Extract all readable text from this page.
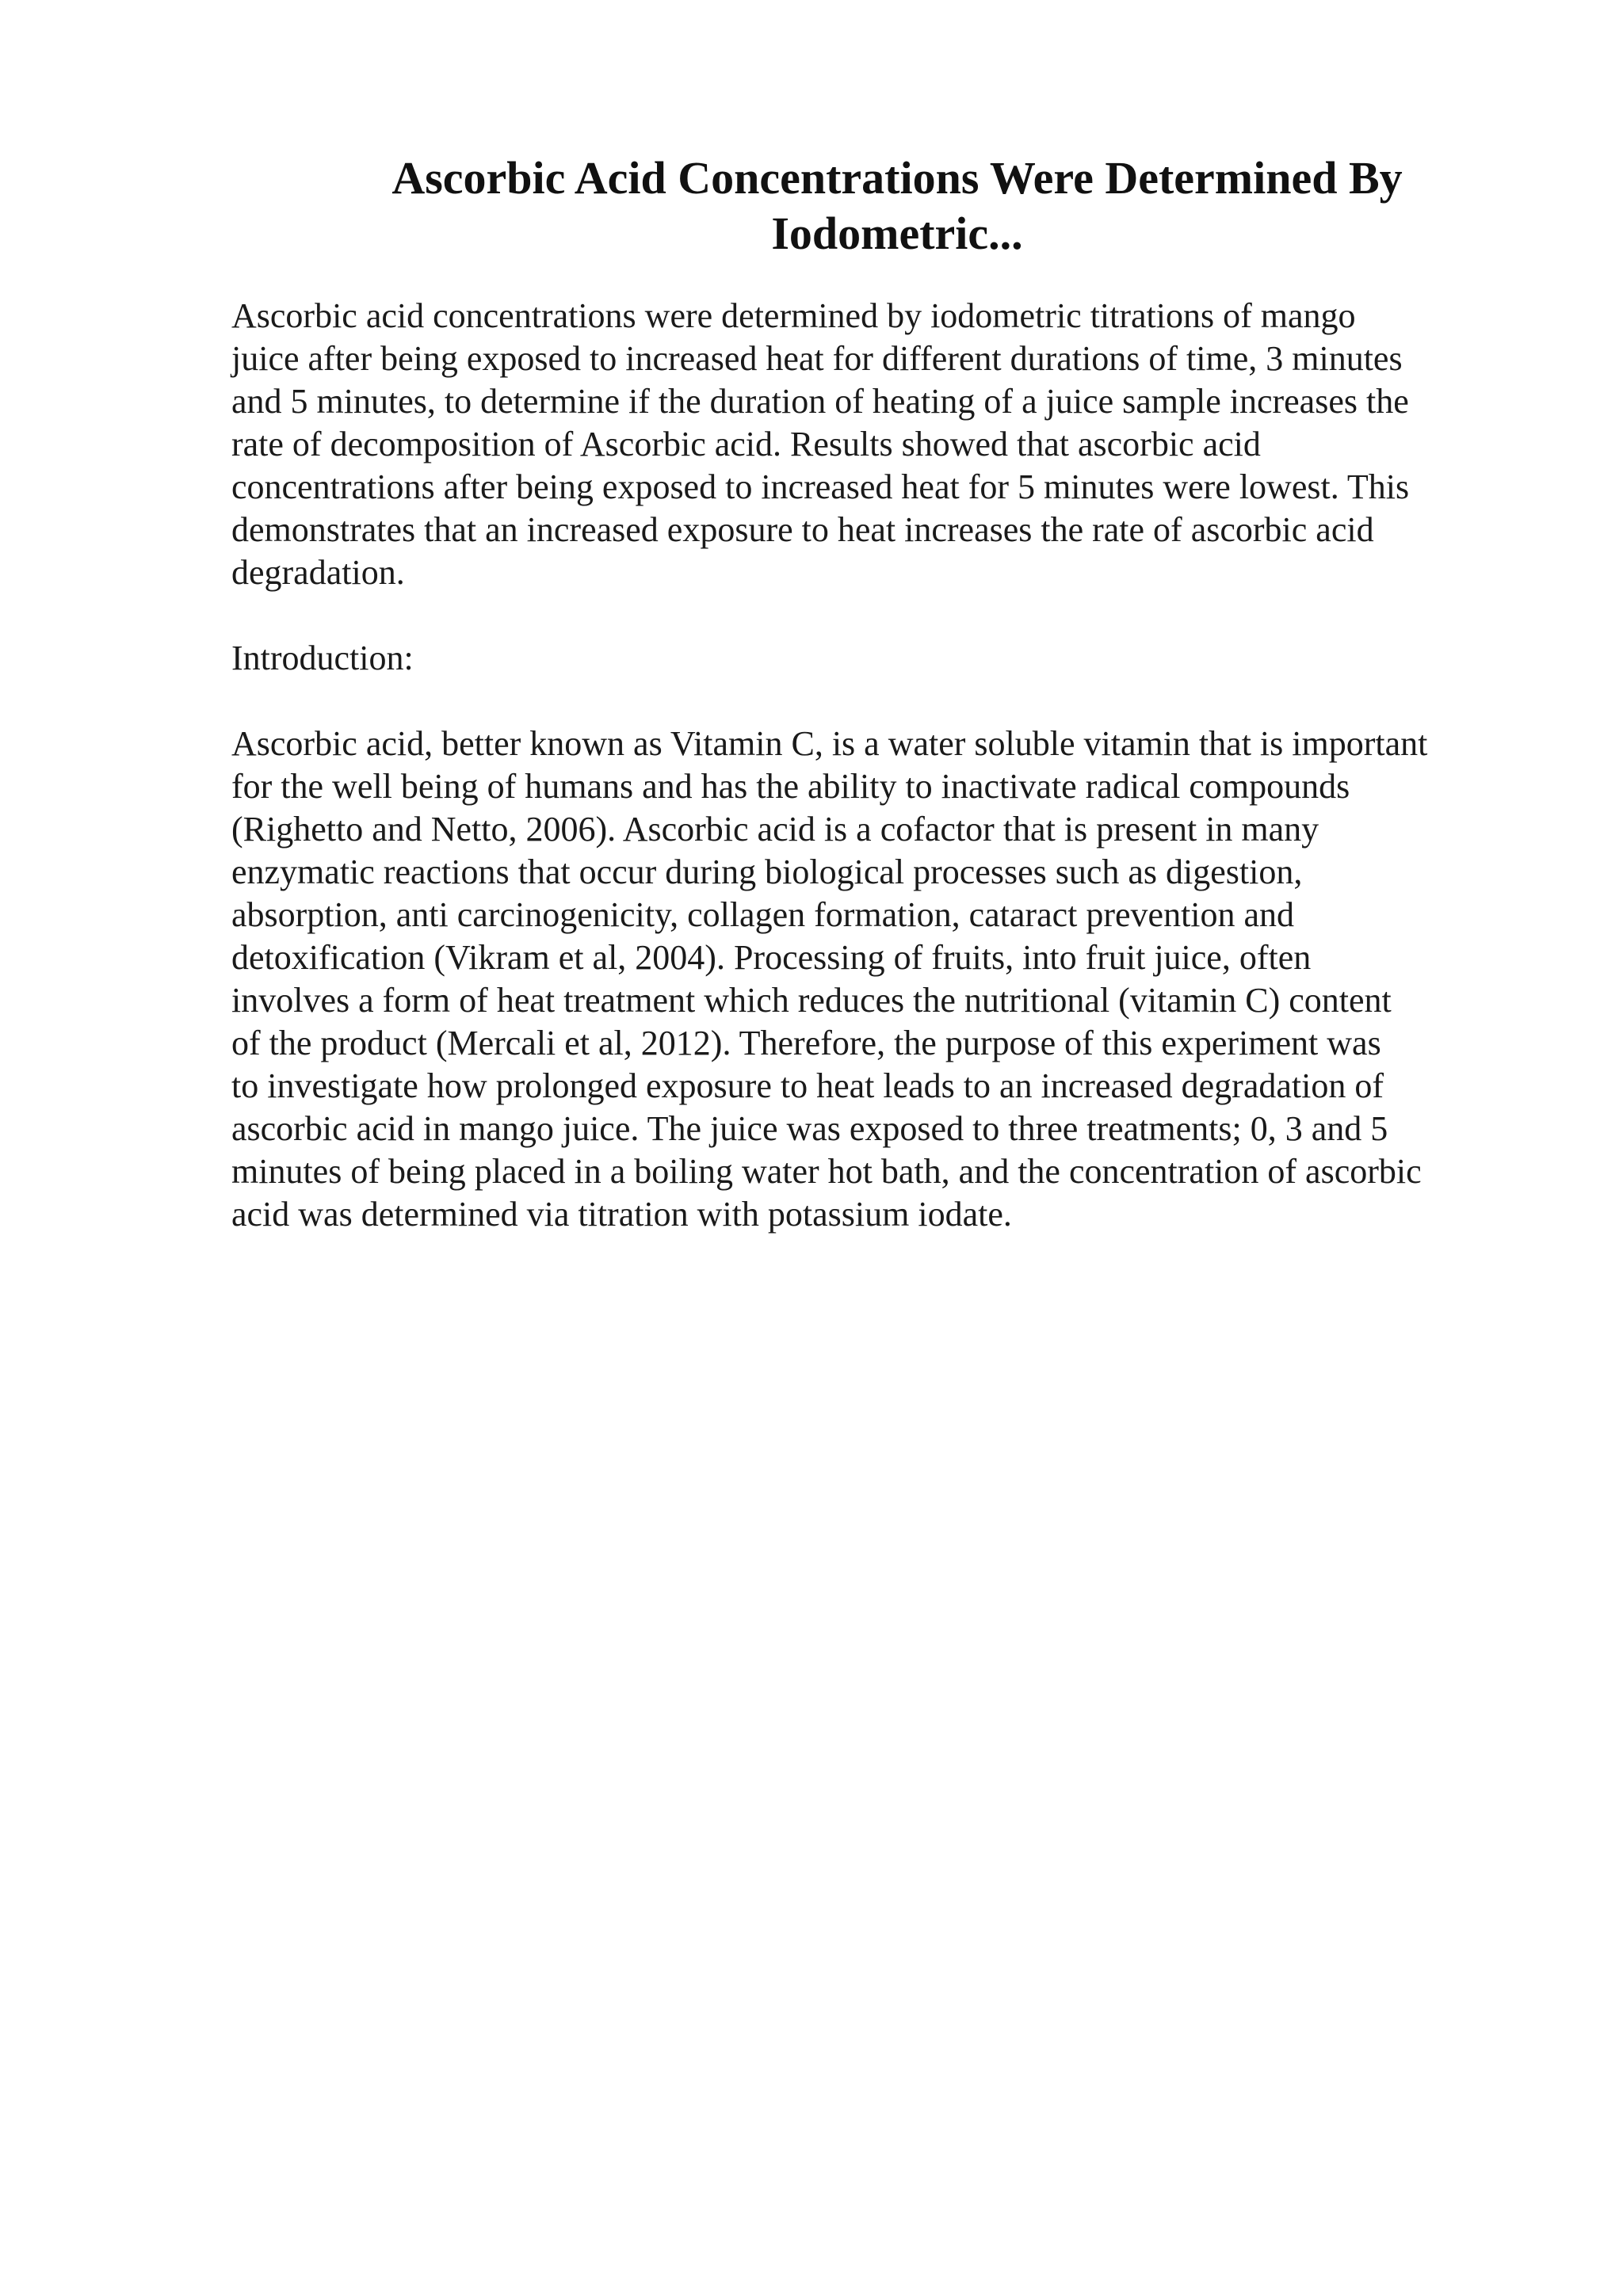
Ascorbic Acid Concentrations Were Determined By
Iodometric...

Ascorbic acid concentrations were determined by iodometric titrations of mango
juice after being exposed to increased heat for different durations of time, 3 minutes
and 5 minutes, to determine if the duration of heating of a juice sample increases the
rate of decomposition of Ascorbic acid. Results showed that ascorbic acid
concentrations after being exposed to increased heat for 5 minutes were lowest. This
demonstrates that an increased exposure to heat increases the rate of ascorbic acid
degradation.

Introduction:

Ascorbic acid, better known as Vitamin C, is a water soluble vitamin that is important
for the well being of humans and has the ability to inactivate radical compounds
(Righetto and Netto, 2006). Ascorbic acid is a cofactor that is present in many
enzymatic reactions that occur during biological processes such as digestion,
absorption, anti carcinogenicity, collagen formation, cataract prevention and
detoxification (Vikram et al, 2004). Processing of fruits, into fruit juice, often
involves a form of heat treatment which reduces the nutritional (vitamin C) content
of the product (Mercali et al, 2012). Therefore, the purpose of this experiment was
to investigate how prolonged exposure to heat leads to an increased degradation of
ascorbic acid in mango juice. The juice was exposed to three treatments; 0, 3 and 5
minutes of being placed in a boiling water hot bath, and the concentration of ascorbic
acid was determined via titration with potassium iodate.
